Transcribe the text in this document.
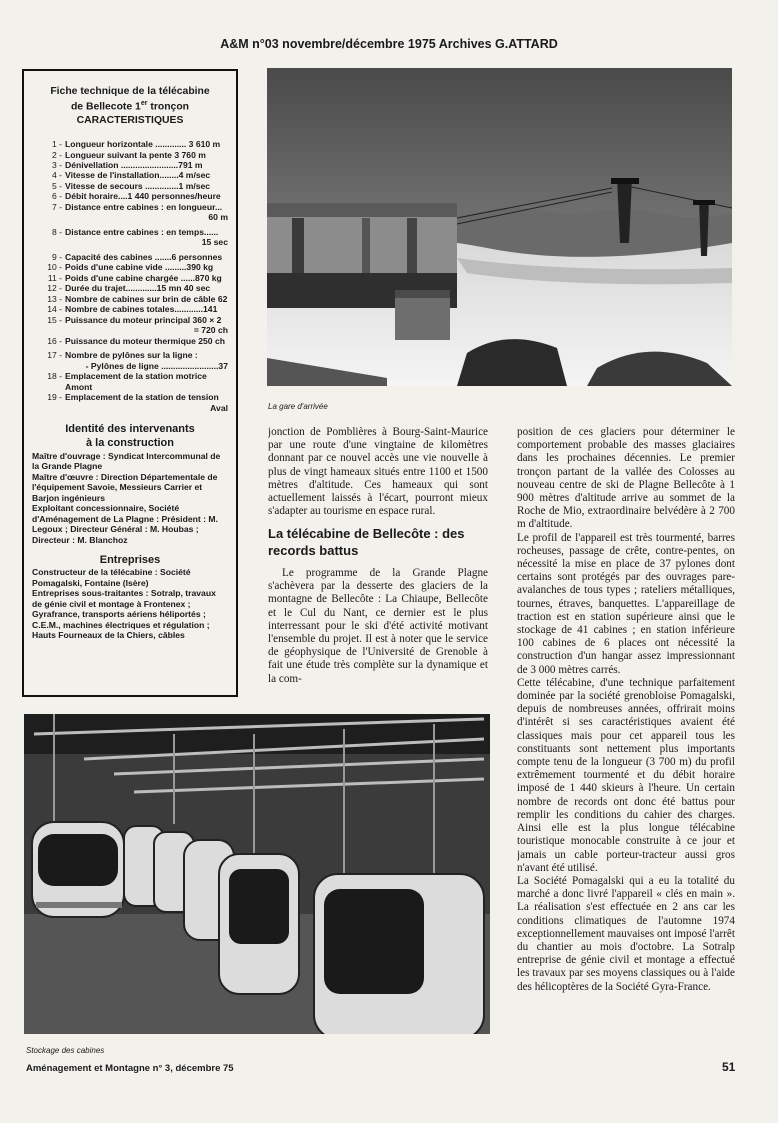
A&M n°03 novembre/décembre 1975 Archives G.ATTARD
Fiche technique de la télécabine
de Bellecote 1er tronçon
CARACTERISTIQUES
1 - Longueur horizontale ............. 3 610 m
2 - Longueur suivant la pente 3 760 m
3 - Dénivellation ........................791 m
4 - Vitesse de l'installation........4 m/sec
5 - Vitesse de secours ..............1 m/sec
6 - Débit horaire....1 440 personnes/heure
7 - Distance entre cabines : en longueur...
60 m
8 - Distance entre cabines : en temps......
15 sec
9 - Capacité des cabines .......6 personnes
10 - Poids d'une cabine vide .........390 kg
11 - Poids d'une cabine chargée ......870 kg
12 - Durée du trajet.............15 mn 40 sec
13 - Nombre de cabines sur brin de câble 62
14 - Nombre de cabines totales............141
15 - Puissance du moteur principal 360 × 2
= 720 ch
16 - Puissance du moteur thermique 250 ch
17 - Nombre de pylônes sur la ligne :
- Pylônes de ligne ........................37
18 - Emplacement de la station motrice Amont
19 - Emplacement de la station de tension
Aval
Identité des intervenants
à la construction

Maître d'ouvrage : Syndicat Intercommunal de la Grande Plagne

Maître d'œuvre : Direction Départementale de l'équipement Savoie, Messieurs Carrier et Barjon ingénieurs

Exploitant concessionnaire, Société d'Aménagement de La Plagne : Président : M. Legoux ; Directeur Général : M. Houbas ; Directeur : M. Blanchoz

Entreprises

Constructeur de la télécabine : Société Pomagalski, Fontaine (Isère)

Entreprises sous-traitantes : Sotralp, travaux de génie civil et montage à Frontenex ; Gyrafrance, transports aériens héliportés ; C.E.M., machines électriques et régulation ; Hauts Fourneaux de la Chiers, câbles

La gare d'arrivée

jonction de Pomblières à Bourg-Saint-Maurice par une route d'une vingtaine de kilomètres donnant par ce nouvel accès une vie nouvelle à plus de vingt hameaux situés entre 1100 et 1500 mètres d'altitude. Ces hameaux qui sont actuellement laissés à l'écart, pourront mieux s'adapter au tourisme en espace rural.

La télécabine de Bellecôte : des records battus

Le programme de la Grande Plagne s'achèvera par la desserte des glaciers de la montagne de Bellecôte : La Chiaupe, Bellecôte et le Cul du Nant, ce dernier est le plus interressant pour le ski d'été activité motivant l'ensemble du projet. Il est à noter que le service de géophysique de l'Université de Grenoble à fait une étude très complète sur la dynamique et la com-

position de ces glaciers pour déterminer le comportement probable des masses glaciaires dans les prochaines décennies. Le premier tronçon partant de la vallée des Colosses au nouveau centre de ski de Plagne Bellecôte à 1 900 mètres d'altitude arrive au sommet de la Roche de Mio, extraordinaire belvédère à 2 700 m d'altitude.

Le profil de l'appareil est très tourmenté, barres rocheuses, passage de crête, contre-pentes, on nécessité la mise en place de 37 pylones dont certains sont protégés par des ouvrages pare-avalanches de tous types ; rateliers métalliques, tournes, étraves, banquettes. L'appareillage de traction est en station supérieure ainsi que le stockage de 41 cabines ; en station inférieure 100 cabines de 6 places ont nécessité la construction d'un hangar assez impressionnant de 3 000 mètres carrés.

Cette télécabine, d'une technique parfaitement dominée par la société grenobloise Pomagalski, depuis de nombreuses années, offrirait moins d'intérêt si ses caractéristiques avaient été classiques mais pour cet appareil tous les constituants sont nettement plus importants compte tenu de la longueur (3 700 m) du profil extrêmement tourmenté et du débit horaire imposé de 1 440 skieurs à l'heure. Un certain nombre de records ont donc été battus pour remplir les conditions du cahier des charges. Ainsi elle est la plus longue télécabine touristique monocable construite à ce jour et jamais un cable porteur-tracteur aussi gros n'avant été utilisé.

La Société Pomagalski qui a eu la totalité du marché a donc livré l'appareil « clés en main ». La réalisation s'est effectuée en 2 ans car les conditions climatiques de l'automne 1974 exceptionnellement mauvaises ont imposé l'arrêt du chantier au mois d'octobre. La Sotralp entreprise de génie civil et montage a effectué les travaux par ses moyens classiques ou à l'aide des hélicoptères de la Société Gyra-France.

Stockage des cabines
Aménagement et Montagne n° 3, décembre 75	51
